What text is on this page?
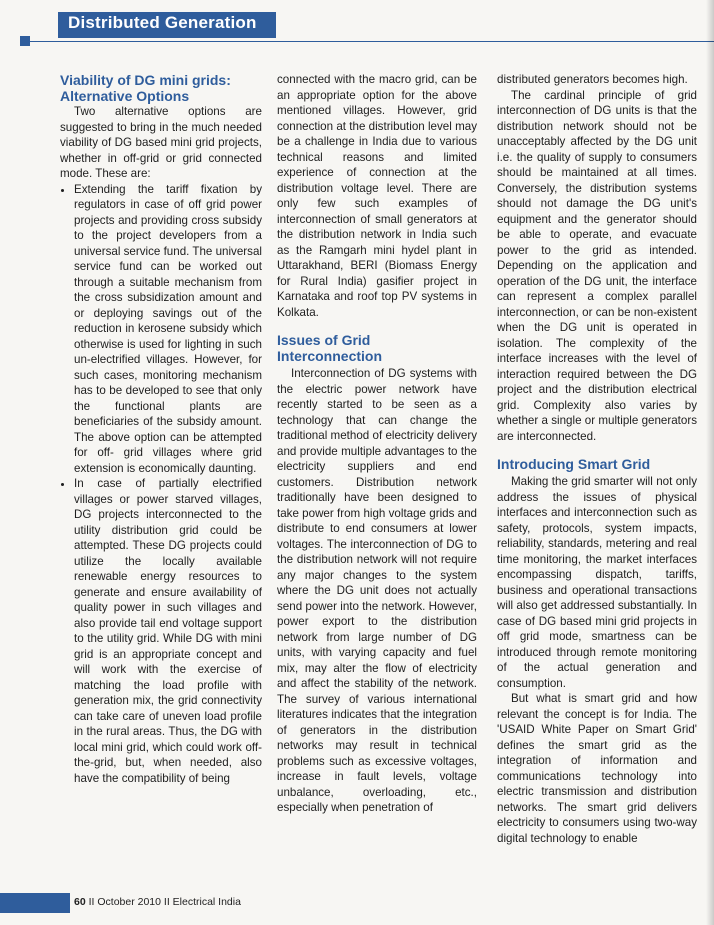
Distributed Generation
Viability of DG mini grids: Alternative Options

Two alternative options are suggested to bring in the much needed viability of DG based mini grid projects, whether in off-grid or grid connected mode. These are:

• Extending the tariff fixation by regulators in case of off grid power projects and providing cross subsidy to the project developers from a universal service fund. The universal service fund can be worked out through a suitable mechanism from the cross subsidization amount and or deploying savings out of the reduction in kerosene subsidy which otherwise is used for lighting in such un-electrified villages. However, for such cases, monitoring mechanism has to be developed to see that only the functional plants are beneficiaries of the subsidy amount. The above option can be attempted for off- grid villages where grid extension is economically daunting.
• In case of partially electrified villages or power starved villages, DG projects interconnected to the utility distribution grid could be attempted. These DG projects could utilize the locally available renewable energy resources to generate and ensure availability of quality power in such villages and also provide tail end voltage support to the utility grid. While DG with mini grid is an appropriate concept and will work with the exercise of matching the load profile with generation mix, the grid connectivity can take care of uneven load profile in the rural areas. Thus, the DG with local mini grid, which could work off-the-grid, but, when needed, also have the compatibility of being

connected with the macro grid, can be an appropriate option for the above mentioned villages. However, grid connection at the distribution level may be a challenge in India due to various technical reasons and limited experience of connection at the distribution voltage level. There are only few such examples of interconnection of small generators at the distribution network in India such as the Ramgarh mini hydel plant in Uttarakhand, BERI (Biomass Energy for Rural India) gasifier project in Karnataka and roof top PV systems in Kolkata.

Issues of Grid Interconnection

Interconnection of DG systems with the electric power network have recently started to be seen as a technology that can change the traditional method of electricity delivery and provide multiple advantages to the electricity suppliers and end customers. Distribution network traditionally have been designed to take power from high voltage grids and distribute to end consumers at lower voltages. The interconnection of DG to the distribution network will not require any major changes to the system where the DG unit does not actually send power into the network. However, power export to the distribution network from large number of DG units, with varying capacity and fuel mix, may alter the flow of electricity and affect the stability of the network. The survey of various international literatures indicates that the integration of generators in the distribution networks may result in technical problems such as excessive voltages, increase in fault levels, voltage unbalance, overloading, etc., especially when penetration of

distributed generators becomes high.

The cardinal principle of grid interconnection of DG units is that the distribution network should not be unacceptably affected by the DG unit i.e. the quality of supply to consumers should be maintained at all times. Conversely, the distribution systems should not damage the DG unit's equipment and the generator should be able to operate, and evacuate power to the grid as intended. Depending on the application and operation of the DG unit, the interface can represent a complex parallel interconnection, or can be non-existent when the DG unit is operated in isolation. The complexity of the interface increases with the level of interaction required between the DG project and the distribution electrical grid. Complexity also varies by whether a single or multiple generators are interconnected.

Introducing Smart Grid

Making the grid smarter will not only address the issues of physical interfaces and interconnection such as safety, protocols, system impacts, reliability, standards, metering and real time monitoring, the market interfaces encompassing dispatch, tariffs, business and operational transactions will also get addressed substantially. In case of DG based mini grid projects in off grid mode, smartness can be introduced through remote monitoring of the actual generation and consumption.

But what is smart grid and how relevant the concept is for India. The 'USAID White Paper on Smart Grid' defines the smart grid as the integration of information and communications technology into electric transmission and distribution networks. The smart grid delivers electricity to consumers using two-way digital technology to enable

60 II October 2010 II Electrical India
